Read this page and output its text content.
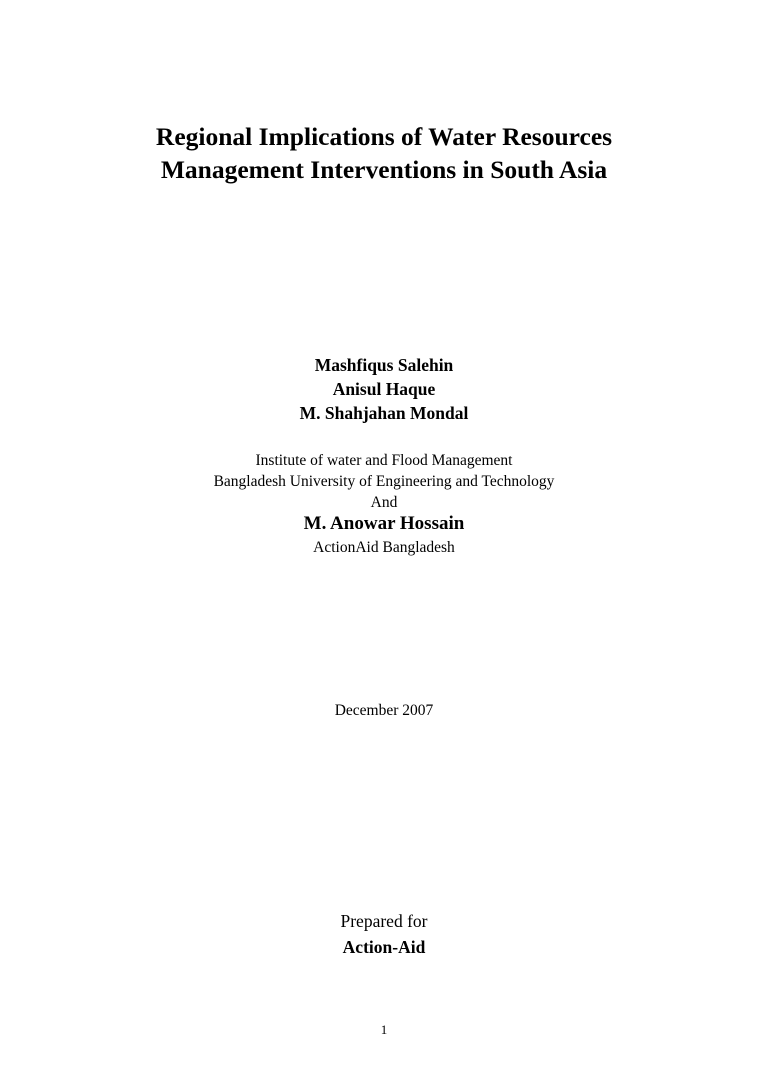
Regional Implications of Water Resources
Management Interventions in South Asia
Mashfiqus Salehin
Anisul Haque
M. Shahjahan Mondal
Institute of water and Flood Management
Bangladesh University of Engineering and Technology
And
M. Anowar Hossain
ActionAid Bangladesh
December 2007
Prepared for
Action-Aid
1
